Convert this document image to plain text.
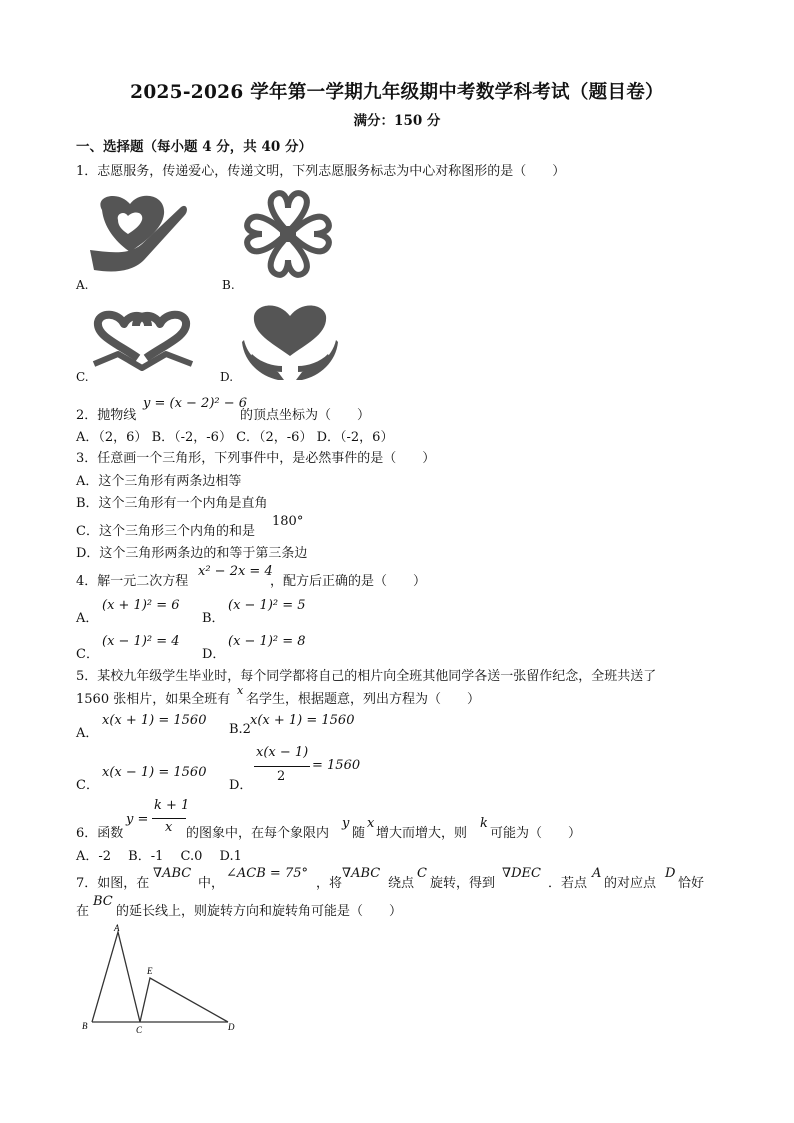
2025-2026 学年第一学期九年级期中考数学科考试（题目卷）
满分：150 分
一、选择题（每小题 4 分，共 40 分）
1．志愿服务，传递爱心，传递文明，下列志愿服务标志为中心对称图形的是（　　）
A.	B.
C.	D.
2．抛物线
y = (x − 2)² − 6
的顶点坐标为（　　）
A．（2，6） B．（-2，-6） C．（2，-6） D．（-2，6）
3．任意画一个三角形，下列事件中，是必然事件的是（　　）
A．这个三角形有两条边相等
B．这个三角形有一个内角是直角
C．这个三角形三个内角的和是
180°
D．这个三角形两条边的和等于第三条边
4．解一元二次方程
x² − 2x = 4
，配方后正确的是（　　）
A．
(x + 1)² = 6
B．
(x − 1)² = 5
C．
(x − 1)² = 4
D．
(x − 1)² = 8
5．某校九年级学生毕业时，每个同学都将自己的相片向全班其他同学各送一张留作纪念，全班共送了
1560 张相片，如果全班有
x
名学生，根据题意，列出方程为（　　）
A．
x(x + 1) = 1560
B.2
x(x + 1) = 1560
C．
x(x − 1) = 1560
D．
x(x − 1)
2
= 1560
6．函数
y =
k + 1
x 的图象中，在每个象限内
y
随
x
增大而增大，则
k
可能为（　　）
A．-2　 B．-1　 C.0　 D.1
7．如图，在
∇ABC
中，
∠ACB = 75°
，将
∇ABC
绕点
C
旋转，得到
∇DEC
．若点
A
的对应点
D
恰好
在
BC
的延长线上，则旋转方向和旋转角可能是（　　）
A
B	C	D
E
